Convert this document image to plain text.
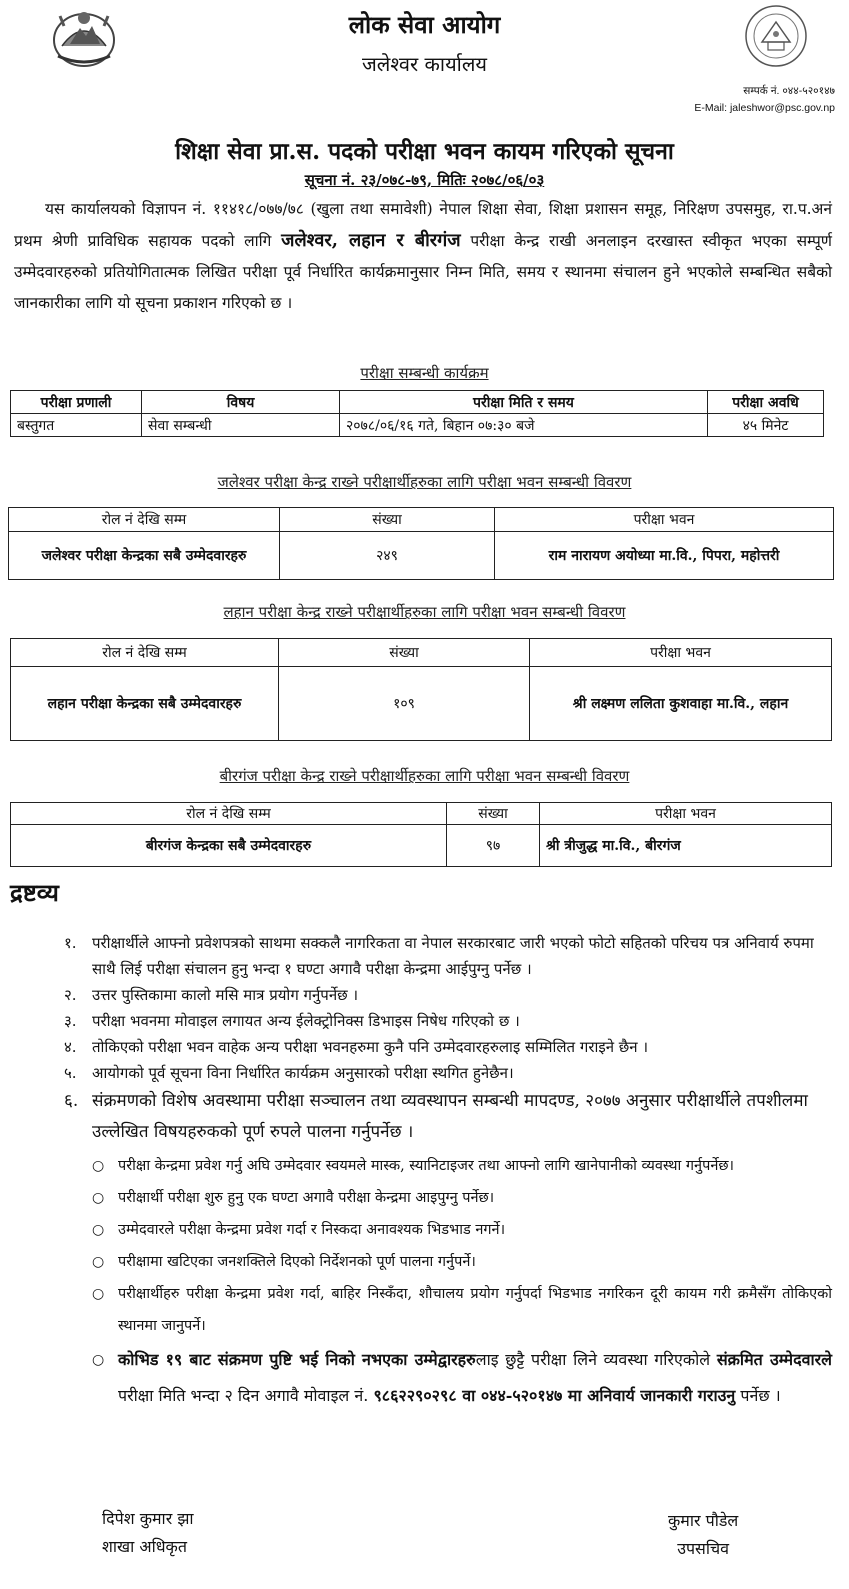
लोक सेवा आयोग
जलेश्वर कार्यालय
सम्पर्क नं. ०४४-५२०१४७
E-Mail: jaleshwor@psc.gov.np
शिक्षा सेवा प्रा.स. पदको परीक्षा भवन कायम गरिएको सूचना
सूचना नं. २३/०७८-७९, मितिः २०७८/०६/०३
  यस कार्यालयको विज्ञापन नं. ११४१८/०७७/७८ (खुला तथा समावेशी) नेपाल शिक्षा सेवा, शिक्षा प्रशासन समूह, निरिक्षण उपसमुह, रा.प.अनं प्रथम श्रेणी प्राविधिक सहायक पदको लागि जलेश्वर, लहान र बीरगंज परीक्षा केन्द्र राखी अनलाइन दरखास्त स्वीकृत भएका सम्पूर्ण उम्मेदवारहरुको प्रतियोगितात्मक लिखित परीक्षा पूर्व निर्धारित कार्यक्रमानुसार निम्न मिति, समय र स्थानमा संचालन हुने भएकोले सम्बन्धित सबैको जानकारीका लागि यो सूचना प्रकाशन गरिएको छ ।
परीक्षा सम्बन्धी कार्यक्रम
परीक्षा प्रणाली	विषय	परीक्षा मिति र समय	परीक्षा अवधि
बस्तुगत	सेवा सम्बन्धी	२०७८/०६/१६ गते, बिहान ०७:३० बजे	४५ मिनेट
जलेश्वर परीक्षा केन्द्र राख्ने परीक्षार्थीहरुका लागि परीक्षा भवन सम्बन्धी विवरण
रोल नं देखि सम्म	संख्या	परीक्षा भवन
जलेश्वर परीक्षा केन्द्रका सबै उम्मेदवारहरु	२४९	राम नारायण अयोध्या मा.वि., पिपरा, महोत्तरी
लहान परीक्षा केन्द्र राख्ने परीक्षार्थीहरुका लागि परीक्षा भवन सम्बन्धी विवरण
रोल नं देखि सम्म	संख्या	परीक्षा भवन
लहान परीक्षा केन्द्रका सबै उम्मेदवारहरु	१०९	श्री लक्ष्मण ललिता कुशवाहा मा.वि., लहान
बीरगंज परीक्षा केन्द्र राख्ने परीक्षार्थीहरुका लागि परीक्षा भवन सम्बन्धी विवरण
रोल नं देखि सम्म	संख्या	परीक्षा भवन
बीरगंज केन्द्रका सबै उम्मेदवारहरु	९७	श्री त्रीजुद्ध मा.वि., बीरगंज
द्रष्टव्य
१. परीक्षार्थीले आफ्नो प्रवेशपत्रको साथमा सक्कलै नागरिकता वा नेपाल सरकारबाट जारी भएको फोटो सहितको परिचय पत्र अनिवार्य रुपमा साथै लिई परीक्षा संचालन हुनु भन्दा १ घण्टा अगावै परीक्षा केन्द्रमा आईपुग्नु पर्नेछ ।
२. उत्तर पुस्तिकामा कालो मसि मात्र प्रयोग गर्नुपर्नेछ ।
३. परीक्षा भवनमा मोवाइल लगायत अन्य ईलेक्ट्रोनिक्स डिभाइस निषेध गरिएको छ ।
४. तोकिएको परीक्षा भवन वाहेक अन्य परीक्षा भवनहरुमा कुनै पनि उम्मेदवारहरुलाइ सम्मिलित गराइने छैन ।
५. आयोगको पूर्व सूचना विना निर्धारित कार्यक्रम अनुसारको परीक्षा स्थगित हुनेछैन।
६. संक्रमणको विशेष अवस्थामा परीक्षा सञ्चालन तथा व्यवस्थापन सम्बन्धी मापदण्ड, २०७७ अनुसार परीक्षार्थीले तपशीलमा उल्लेखित विषयहरुकको पूर्ण रुपले पालना गर्नुपर्नेछ ।
○ परीक्षा केन्द्रमा प्रवेश गर्नु अघि उम्मेदवार स्वयमले मास्क, स्यानिटाइजर तथा आफ्नो लागि खानेपानीको व्यवस्था गर्नुपर्नेछ।
○ परीक्षार्थी परीक्षा शुरु हुनु एक घण्टा अगावै परीक्षा केन्द्रमा आइपुग्नु पर्नेछ।
○ उम्मेदवारले परीक्षा केन्द्रमा प्रवेश गर्दा र निस्कदा अनावश्यक भिडभाड नगर्ने।
○ परीक्षामा खटिएका जनशक्तिले दिएको निर्देशनको पूर्ण पालना गर्नुपर्ने।
○ परीक्षार्थीहरु परीक्षा केन्द्रमा प्रवेश गर्दा, बाहिर निस्कँदा, शौचालय प्रयोग गर्नुपर्दा भिडभाड नगरिकन दूरी कायम गरी क्रमैसँग तोकिएको स्थानमा जानुपर्ने।
○ कोभिड १९ बाट संक्रमण पुष्टि भई निको नभएका उम्मेद्वारहरुलाइ छुट्टै परीक्षा लिने व्यवस्था गरिएकोले संक्रमित उम्मेदवारले परीक्षा मिति भन्दा २ दिन अगावै मोवाइल नं. ९८६२२९०२९८ वा ०४४-५२०१४७ मा अनिवार्य जानकारी गराउनु पर्नेछ ।
दिपेश कुमार झा
शाखा अधिकृत
कुमार पौडेल
उपसचिव
